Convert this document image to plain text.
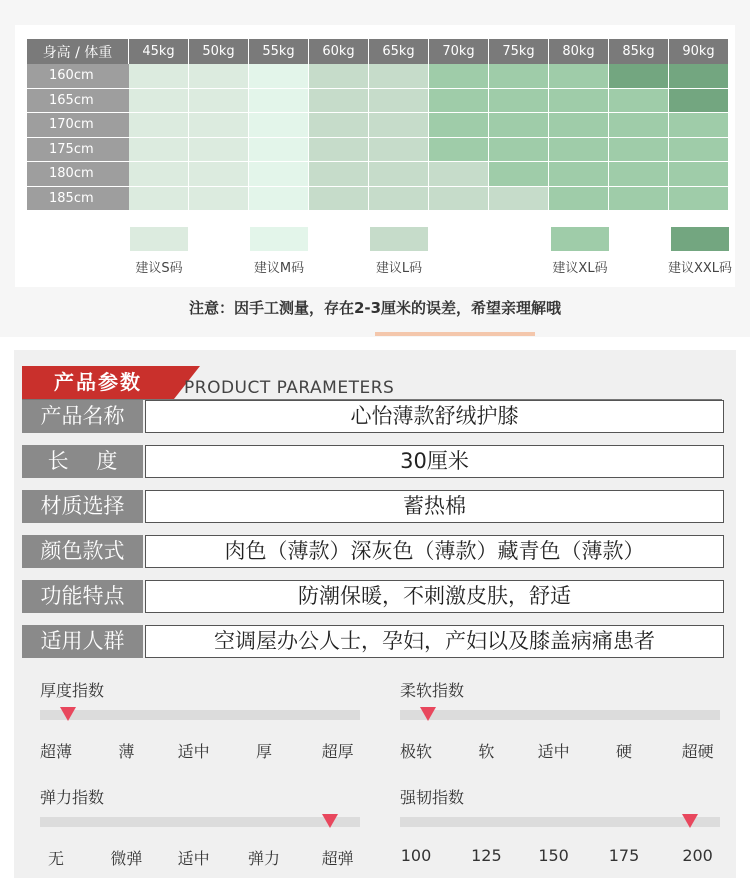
身高 / 体重	45kg	50kg	55kg	60kg	65kg	70kg	75kg	80kg	85kg	90kg
160cm										
165cm										
170cm										
175cm										
180cm										
185cm										
建议S码	建议M码	建议L码	建议XL码	建议XXL码
注意：因手工测量，存在2-3厘米的误差，希望亲理解哦
产品参数	PRODUCT PARAMETERS
产品名称	心怡薄款舒绒护膝
长　 度	30厘米
材质选择	蓄热棉
颜色款式	肉色（薄款）深灰色（薄款）藏青色（薄款）
功能特点	防潮保暖，不刺激皮肤，舒适
适用人群	空调屋办公人士，孕妇，产妇以及膝盖病痛患者
厚度指数
超薄	薄	适中	厚	超厚
柔软指数
极软	软	适中	硬	超硬
弹力指数
无	微弹 适中 弹力	超弹
强韧指数
100 125 150 175	200
